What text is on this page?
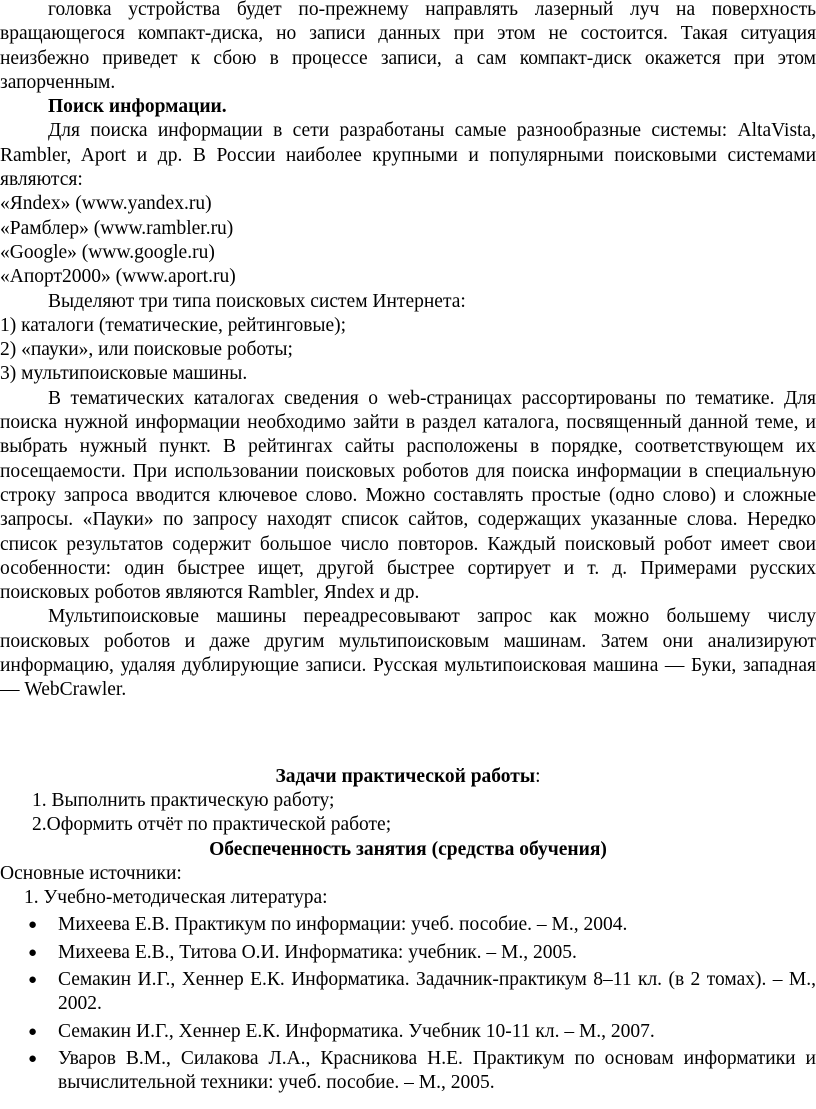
головка устройства будет по-прежнему направлять лазерный луч на поверхность вращающегося компакт-диска, но записи данных при этом не состоится. Такая ситуация неизбежно приведет к сбою в процессе записи, а сам компакт-диск окажется при этом запорченным.

Поиск информации.

Для поиска информации в сети разработаны самые разнообразные системы: AltaVista, Rambler, Aport и др. В России наиболее крупными и популярными поисковыми системами являются:

«Яndex» (www.yandex.ru)
«Рамблер» (www.rambler.ru)
«Google» (www.google.ru)
«Апорт2000» (www.aport.ru)

Выделяют три типа поисковых систем Интернета:

1) каталоги (тематические, рейтинговые);
2) «пауки», или поисковые роботы;
3) мультипоисковые машины.

В тематических каталогах сведения о web-страницах рассортированы по тематике. Для поиска нужной информации необходимо зайти в раздел каталога, посвященный данной теме, и выбрать нужный пункт. В рейтингах сайты расположены в порядке, соответствующем их посещаемости. При использовании поисковых роботов для поиска информации в специальную строку запроса вводится ключевое слово. Можно составлять простые (одно слово) и сложные запросы. «Пауки» по запросу находят список сайтов, содержащих указанные слова. Нередко список результатов содержит большое число повторов. Каждый поисковый робот имеет свои особенности: один быстрее ищет, другой быстрее сортирует и т. д. Примерами русских поисковых роботов являются Rambler, Яndex и др.

Мультипоисковые машины переадресовывают запрос как можно большему числу поисковых роботов и даже другим мультипоисковым машинам. Затем они анализируют информацию, удаляя дублирующие записи. Русская мультипоисковая машина — Буки, западная — WebCrawler.

Задачи практической работы:

1. Выполнить практическую работу;
2.Оформить отчёт по практической работе;

Обеспеченность занятия (средства обучения)

Основные источники:

1. Учебно-методическая литература:

● Михеева Е.В. Практикум по информации: учеб. пособие. – М., 2004.
● Михеева Е.В., Титова О.И. Информатика: учебник. – М., 2005.
● Семакин И.Г., Хеннер Е.К. Информатика. Задачник-практикум 8–11 кл. (в 2 томах). – М., 2002.
● Семакин И.Г., Хеннер Е.К. Информатика. Учебник 10-11 кл. – М., 2007.
● Уваров В.М., Силакова Л.А., Красникова Н.Е. Практикум по основам информатики и вычислительной техники: учеб. пособие. – М., 2005.
